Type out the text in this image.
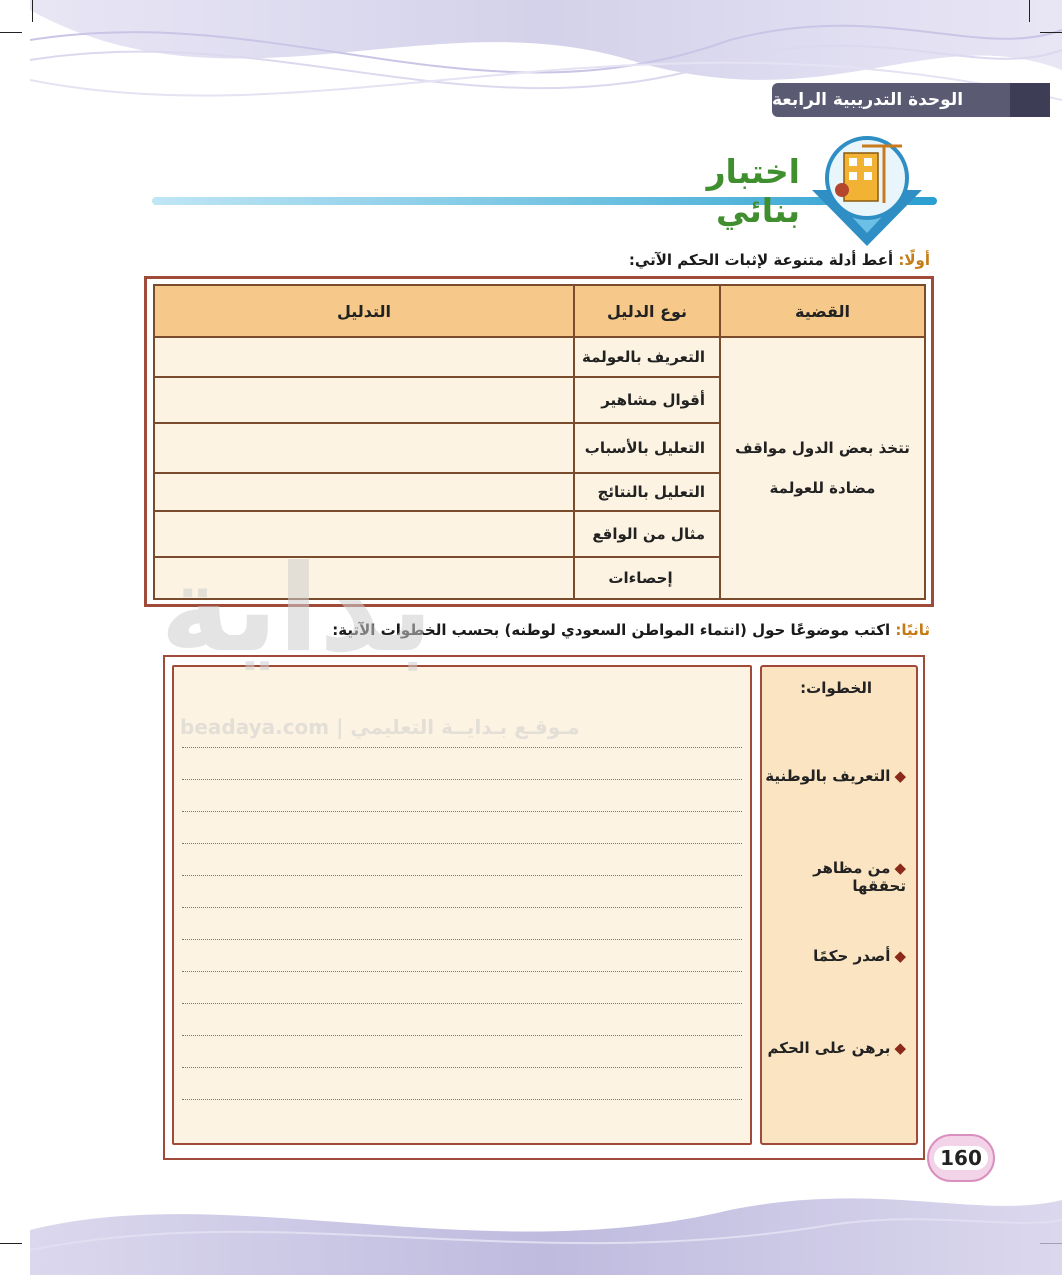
الوحدة التدريبية الرابعة
اختبار بنائي
أولًا: أعط أدلة متنوعة لإثبات الحكم الآتي:
القضية	نوع الدليل	التدليل

تتخذ بعض الدول مواقف
مضادة للعولمة	التعريف بالعولمة	
	أقوال مشاهير	
	التعليل بالأسباب	
	التعليل بالنتائج	
	مثال من الواقع	
	إحصاءات	
ثانيًا: اكتب موضوعًا حول (انتماء المواطن السعودي لوطنه) بحسب الخطوات الآتية:
الخطوات:
◆التعريف بالوطنية
◆من مظاهر تحققها
◆أصدر حكمًا
◆برهن على الحكم
بداية
beadaya.com | مـوقـع بـدايــة التعليمي
160
